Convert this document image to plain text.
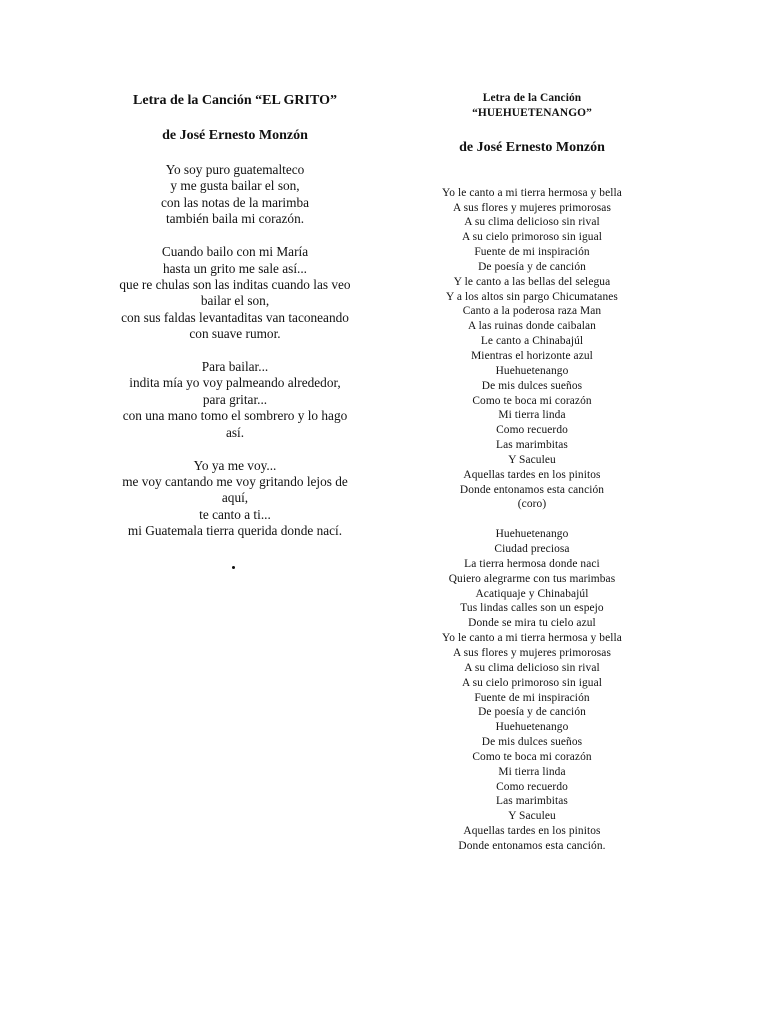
Letra de la Canción “EL GRITO”

de José Ernesto Monzón

Yo soy puro guatemalteco
y me gusta bailar el son,
con las notas de la marimba
también baila mi corazón.
Cuando bailo con mi María
hasta un grito me sale así...
que re chulas son las inditas cuando las veo
bailar el son,
con sus faldas levantaditas van taconeando
con suave rumor.
Para bailar...
indita mía yo voy palmeando alrededor,
para gritar...
con una mano tomo el sombrero y lo hago
así.
Yo ya me voy...
me voy cantando me voy gritando lejos de
aquí,
te canto a ti...
mi Guatemala tierra querida donde nací.

Letra de la Canción
“HUEHUETENANGO”

de José Ernesto Monzón

Yo le canto a mi tierra hermosa y bella
A sus flores y mujeres primorosas
A su clima delicioso sin rival
A su cielo primoroso sin igual
Fuente de mi inspiración
De poesía y de canción
Y le canto a las bellas del selegua
Y a los altos sin pargo Chicumatanes
Canto a la poderosa raza Man
A las ruinas donde caibalan
Le canto a Chinabajúl
Mientras el horizonte azul
Huehuetenango
De mis dulces sueños
Como te boca mi corazón
Mi tierra linda
Como recuerdo
Las marimbitas
Y Saculeu
Aquellas tardes en los pinitos
Donde entonamos esta canción
(coro)
Huehuetenango
Ciudad preciosa
La tierra hermosa donde naci
Quiero alegrarme con tus marimbas
Acatiquaje y Chinabajúl
Tus lindas calles son un espejo
Donde se mira tu cielo azul
Yo le canto a mi tierra hermosa y bella
A sus flores y mujeres primorosas
A su clima delicioso sin rival
A su cielo primoroso sin igual
Fuente de mi inspiración
De poesía y de canción
Huehuetenango
De mis dulces sueños
Como te boca mi corazón
Mi tierra linda
Como recuerdo
Las marimbitas
Y Saculeu
Aquellas tardes en los pinitos
Donde entonamos esta canción.
